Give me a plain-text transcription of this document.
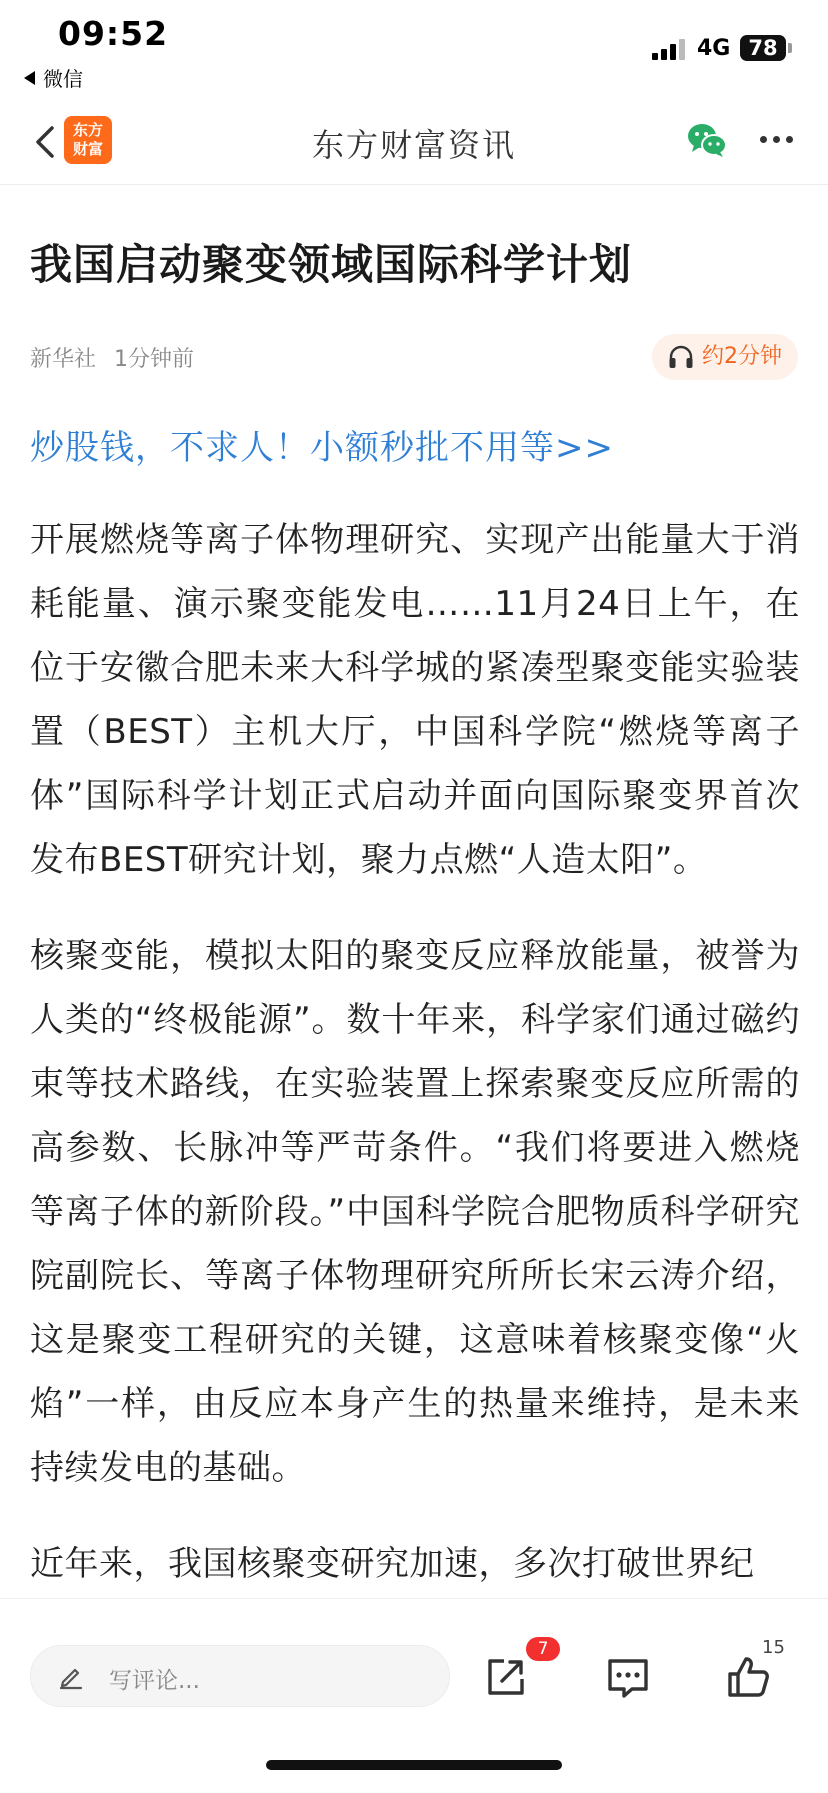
09:52
微信
4G 78
东方
财富	东方财富资讯
我国启动聚变领域国际科学计划
新华社 1分钟前	约2分钟
炒股钱，不求人！小额秒批不用等>>

开展燃烧等离子体物理研究、实现产出能量大于消耗能量、演示聚变能发电……11月24日上午，在位于安徽合肥未来大科学城的紧凑型聚变能实验装置（BEST）主机大厅，中国科学院“燃烧等离子体”国际科学计划正式启动并面向国际聚变界首次发布BEST研究计划，聚力点燃“人造太阳”。

核聚变能，模拟太阳的聚变反应释放能量，被誉为人类的“终极能源”。数十年来，科学家们通过磁约束等技术路线，在实验装置上探索聚变反应所需的高参数、长脉冲等严苛条件。“我们将要进入燃烧等离子体的新阶段。”中国科学院合肥物质科学研究院副院长、等离子体物理研究所所长宋云涛介绍，这是聚变工程研究的关键，这意味着核聚变像“火焰”一样，由反应本身产生的热量来维持，是未来持续发电的基础。

近年来，我国核聚变研究加速，多次打破世界纪

写评论...
7	15
